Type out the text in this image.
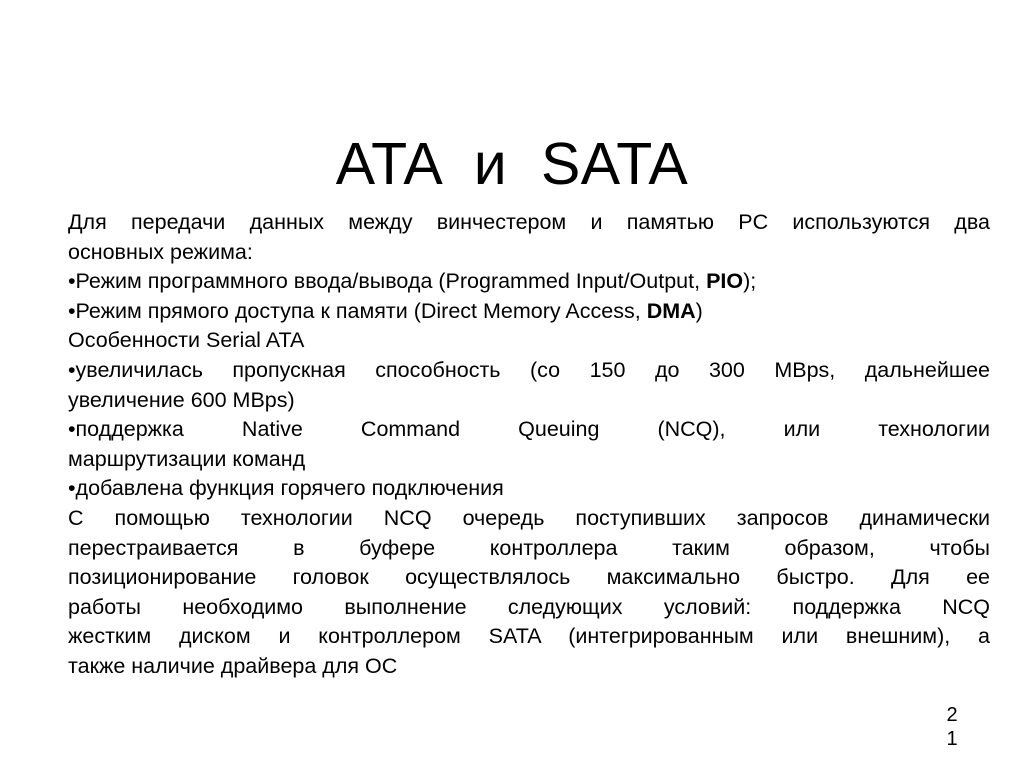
ATA  и  SATA
Для передачи данных между винчестером и памятью PC используются два
основных режима:
•Режим программного ввода/вывода (Programmed Input/Output, PIO);
•Режим прямого доступа к памяти (Direct Memory Access, DMA)
Особенности Serial ATA
•увеличилась пропускная способность (со 150 до 300 MBps, дальнейшее
увеличение 600 MBps)
•поддержка Native Command Queuing (NCQ), или технологии
маршрутизации команд
•добавлена функция горячего подключения
С помощью технологии NCQ очередь поступивших запросов динамически
перестраивается в буфере контроллера таким образом, чтобы
позиционирование головок осуществлялось максимально быстро. Для ее
работы необходимо выполнение следующих условий: поддержка NCQ
жестким диском и контроллером SATA (интегрированным или внешним), а
также наличие драйвера для ОС
2
1
